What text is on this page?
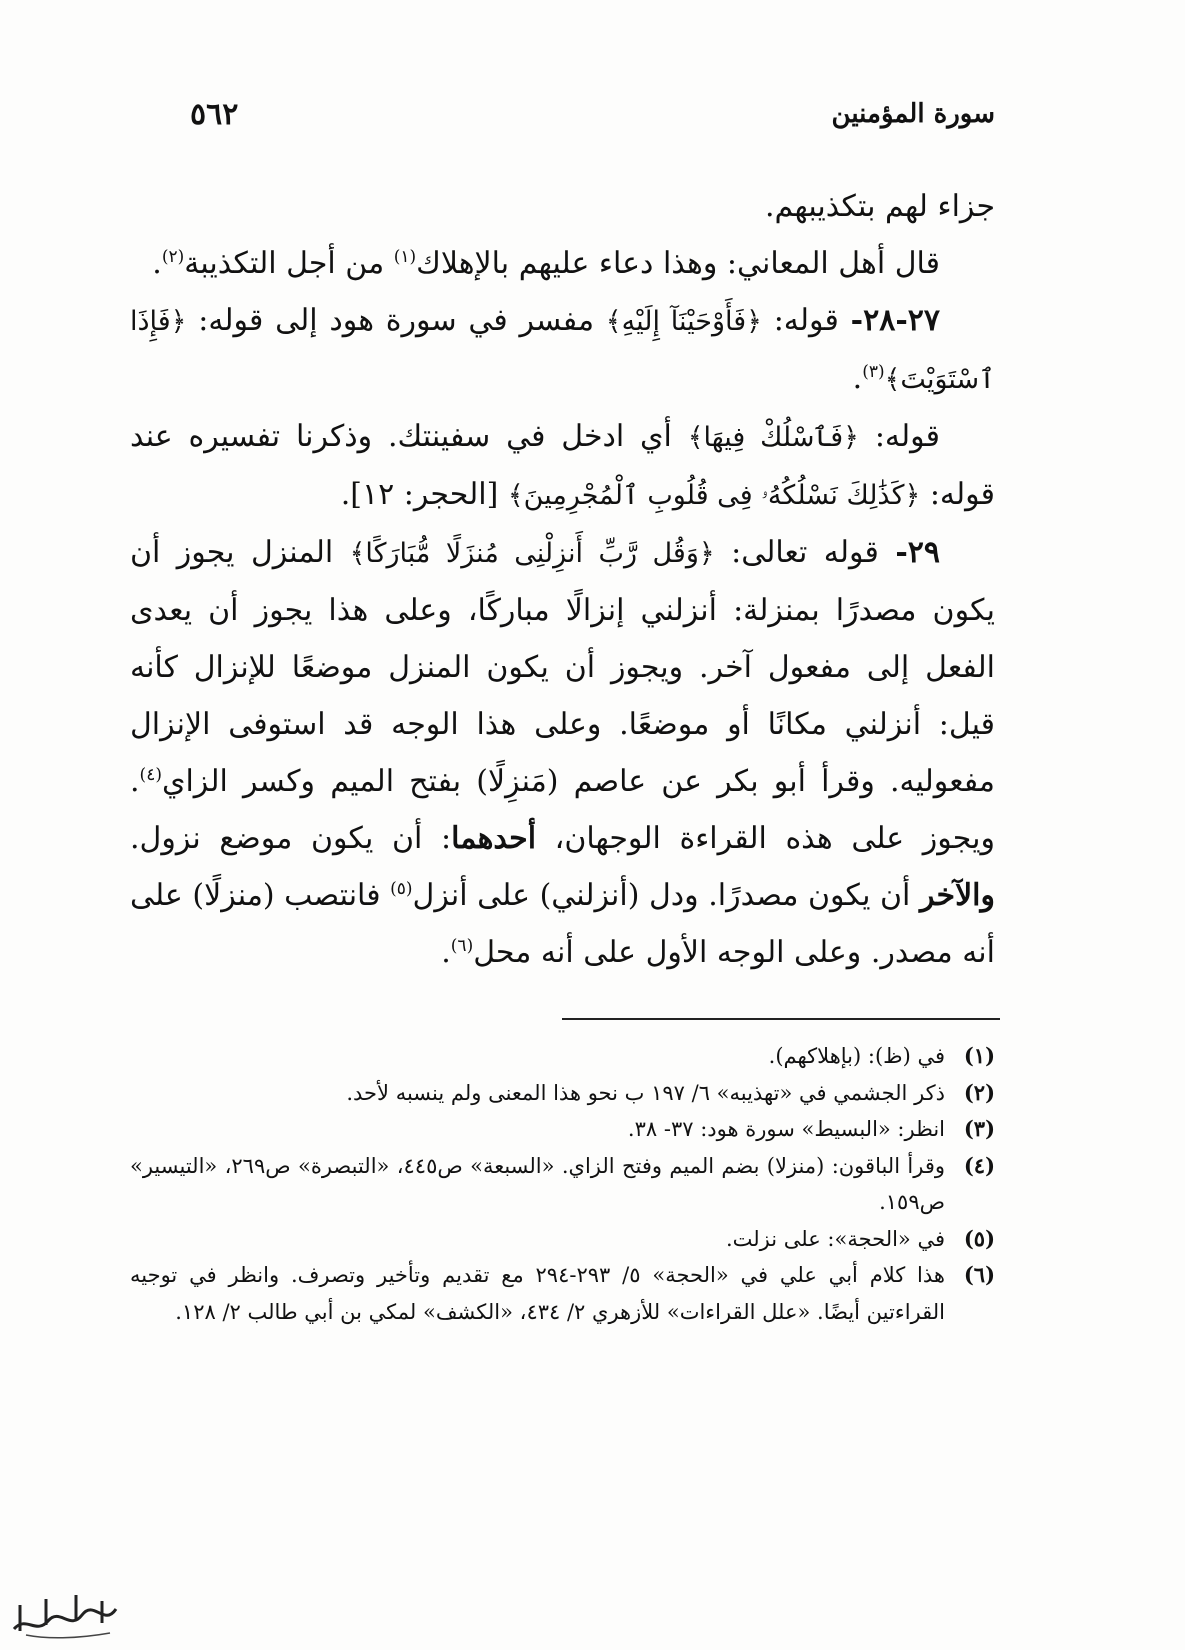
٥٦٢	سورة المؤمنين

جزاء لهم بتكذيبهم.

قال أهل المعاني: وهذا دعاء عليهم بالإهلاك$^{(١)}$ من أجل التكذيبة$^{(٢)}$.

٢٧-٢٨- قوله: ﴿فَأَوْحَيْنَآ إِلَيْهِ﴾ مفسر في سورة هود إلى قوله: ﴿فَإِذَا ٱسْتَوَيْتَ﴾$^{(٣)}$.

قوله: ﴿فَٱسْلُكْ فِيهَا﴾ أي ادخل في سفينتك. وذكرنا تفسيره عند قوله: ﴿كَذَٰلِكَ نَسْلُكُهُۥ فِى قُلُوبِ ٱلْمُجْرِمِينَ﴾ [الحجر: ١٢].

٢٩- قوله تعالى: ﴿وَقُل رَّبِّ أَنزِلْنِى مُنزَلًا مُّبَارَكًا﴾ المنزل يجوز أن يكون مصدرًا بمنزلة: أنزلني إنزالًا مباركًا، وعلى هذا يجوز أن يعدى الفعل إلى مفعول آخر. ويجوز أن يكون المنزل موضعًا للإنزال كأنه قيل: أنزلني مكانًا أو موضعًا. وعلى هذا الوجه قد استوفى الإنزال مفعوليه. وقرأ أبو بكر عن عاصم (مَنزِلًا) بفتح الميم وكسر الزاي$^{(٤)}$. ويجوز على هذه القراءة الوجهان، أحدهما: أن يكون موضع نزول. والآخر أن يكون مصدرًا. ودل (أنزلني) على أنزل$^{(٥)}$ فانتصب (منزلًا) على أنه مصدر. وعلى الوجه الأول على أنه محل$^{(٦)}$.

(١)
في (ظ): (بإهلاكهم).
(٢)
ذكر الجشمي في «تهذيبه» ٦/ ١٩٧ ب نحو هذا المعنى ولم ينسبه لأحد.
(٣)
انظر: «البسيط» سورة هود: ٣٧- ٣٨.
(٤)
وقرأ الباقون: (منزلا) بضم الميم وفتح الزاي. «السبعة» ص٤٤٥، «التبصرة» ص٢٦٩، «التيسير» ص١٥٩.
(٥)
في «الحجة»: على نزلت.
(٦)
هذا كلام أبي علي في «الحجة» ٥/ ٢٩٣-٢٩٤ مع تقديم وتأخير وتصرف. وانظر في توجيه القراءتين أيضًا. «علل القراءات» للأزهري ٢/ ٤٣٤، «الكشف» لمكي بن أبي طالب ٢/ ١٢٨.
